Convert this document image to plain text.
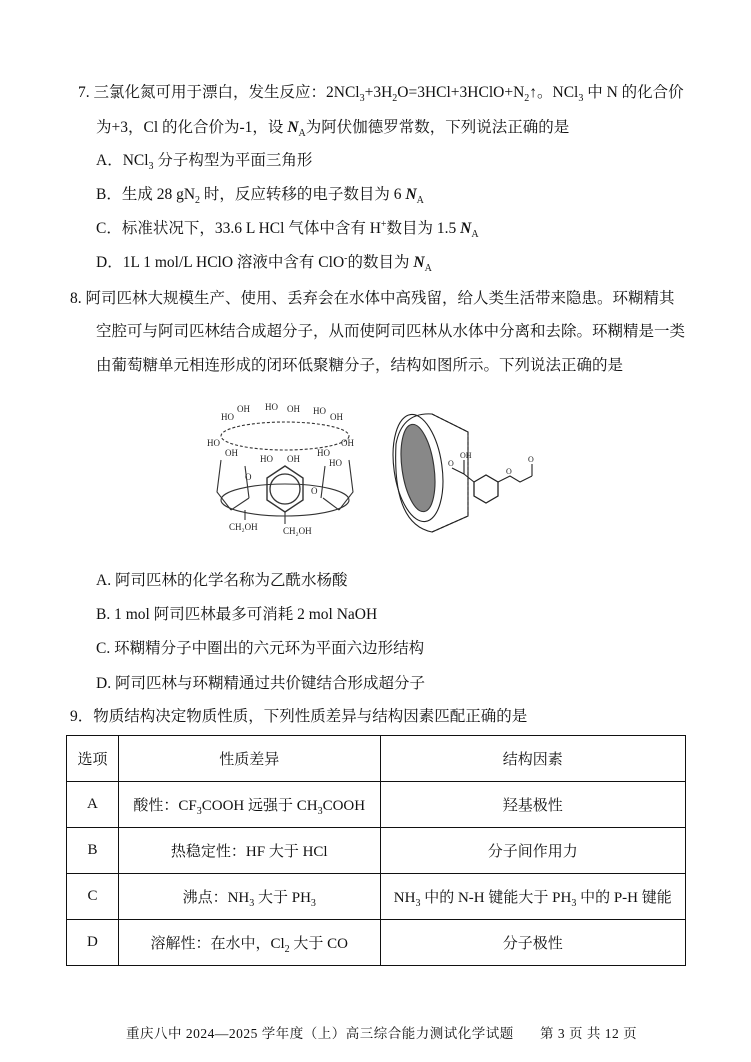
7. 三氯化氮可用于漂白，发生反应：$2NCl_3+3H_2O=3HCl+3HClO+N_2↑$。NCl$_3$ 中 N 的化合价
为+3，Cl 的化合价为-1，设 $N_A$为阿伏伽德罗常数，下列说法正确的是
A．NCl$_3$ 分子构型为平面三角形
B．生成 28 $gN_2$ 时，反应转移的电子数目为 6 $N_A$
C．标准状况下，33.6 L HCl 气体中含有 H+数目为 1.5 $N_A$
D．1L 1 mol/L HClO 溶液中含有 ClO-的数目为 $N_A$
8. 阿司匹林大规模生产、使用、丢弃会在水体中高残留，给人类生活带来隐患。环糊精其
空腔可与阿司匹林结合成超分子，从而使阿司匹林从水体中分离和去除。环糊精是一类
由葡萄糖单元相连形成的闭环低聚糖分子，结构如图所示。下列说法正确的是
HO
OH HO OH HO
OH
HO	OH
OH
HO OH
HO
HO
O
O
CH₂OH	CH₂OH
O
OH
O
O
A. 阿司匹林的化学名称为乙酰水杨酸
B. 1 mol 阿司匹林最多可消耗 2 mol NaOH
C. 环糊精分子中圈出的六元环为平面六边形结构
D. 阿司匹林与环糊精通过共价键结合形成超分子
9．物质结构决定物质性质，下列性质差异与结构因素匹配正确的是
选项	性质差异	结构因素
A	酸性：$CF_3COOH$ 远强于 $CH_3COOH$	羟基极性
B	热稳定性：HF 大于 HCl	分子间作用力
C	沸点：$NH_3$ 大于 $PH_3$	$NH_3$ 中的 N-H 键能大于 $PH_3$ 中的 P-H 键能
D	溶解性：在水中，$Cl_2$ 大于 CO	分子极性
重庆八中 2024—2025 学年度（上）高三综合能力测试化学试题 第 3 页 共 12 页
